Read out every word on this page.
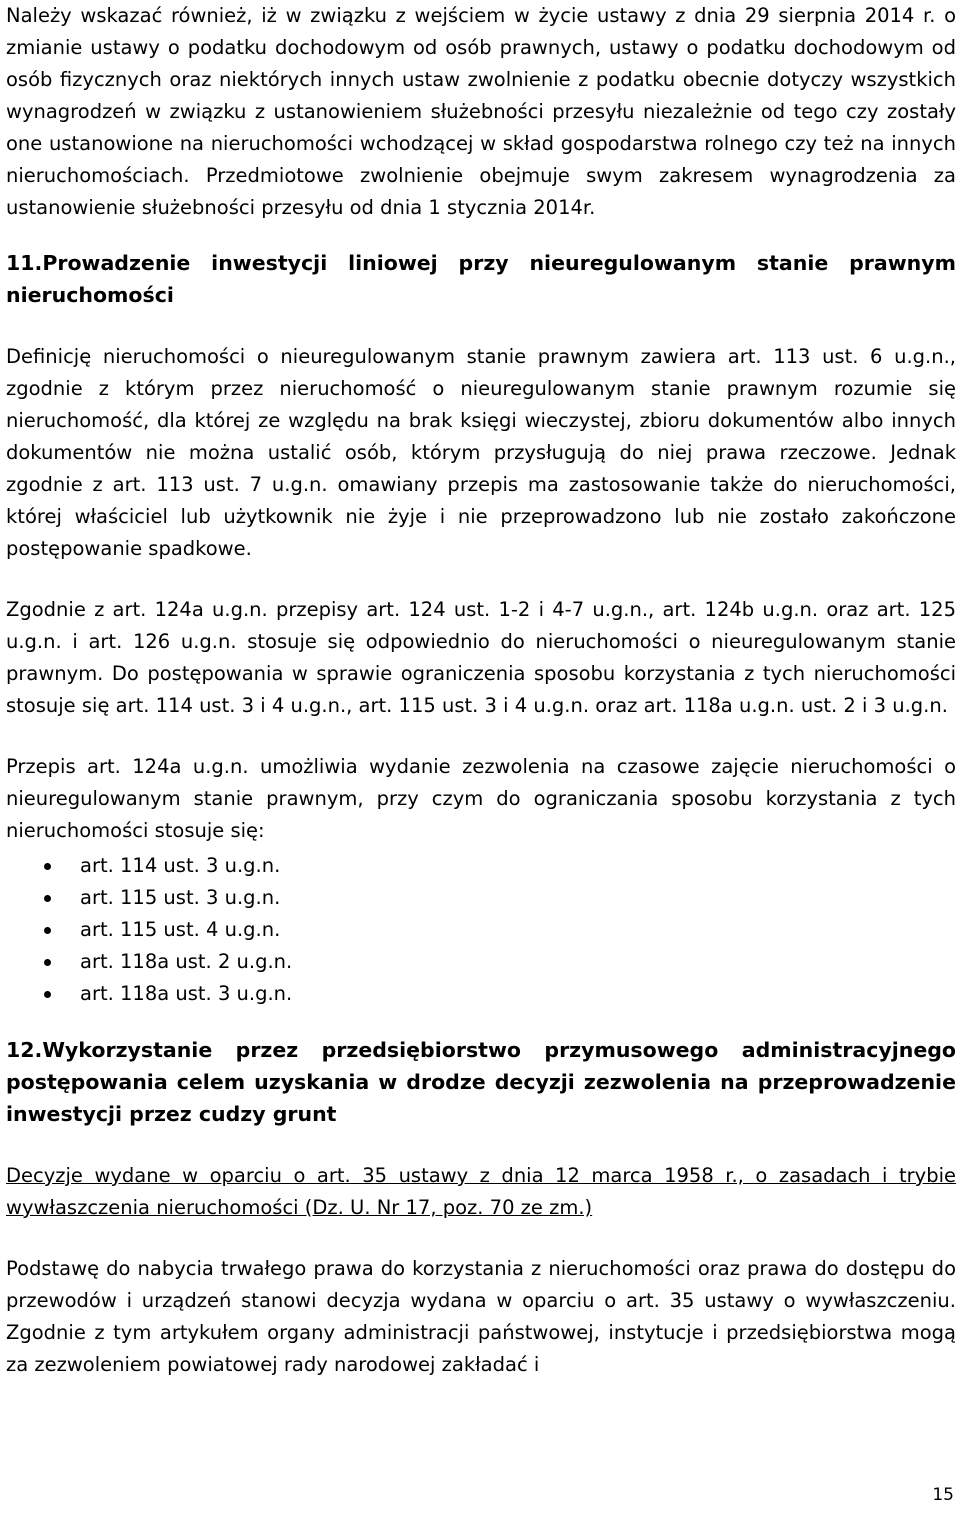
Należy wskazać również, iż w związku z wejściem w życie ustawy z dnia 29 sierpnia 2014 r. o zmianie ustawy o podatku dochodowym od osób prawnych, ustawy o podatku dochodowym od osób fizycznych oraz niektórych innych ustaw zwolnienie z podatku obecnie dotyczy wszystkich wynagrodzeń w związku z ustanowieniem służebności przesyłu niezależnie od tego czy zostały one ustanowione na nieruchomości wchodzącej w skład gospodarstwa rolnego czy też na innych nieruchomościach. Przedmiotowe zwolnienie obejmuje swym zakresem wynagrodzenia za ustanowienie służebności przesyłu od dnia 1 stycznia 2014r.

11.Prowadzenie inwestycji liniowej przy nieuregulowanym stanie prawnym nieruchomości

Definicję nieruchomości o nieuregulowanym stanie prawnym zawiera art. 113 ust. 6 u.g.n., zgodnie z którym przez nieruchomość o nieuregulowanym stanie prawnym rozumie się nieruchomość, dla której ze względu na brak księgi wieczystej, zbioru dokumentów albo innych dokumentów nie można ustalić osób, którym przysługują do niej prawa rzeczowe. Jednak zgodnie z art. 113 ust. 7 u.g.n. omawiany przepis ma zastosowanie także do nieruchomości, której właściciel lub użytkownik nie żyje i nie przeprowadzono lub nie zostało zakończone postępowanie spadkowe.

Zgodnie z art. 124a u.g.n. przepisy art. 124 ust. 1-2 i 4-7 u.g.n., art. 124b u.g.n. oraz art. 125 u.g.n. i art. 126 u.g.n. stosuje się odpowiednio do nieruchomości o nieuregulowanym stanie prawnym. Do postępowania w sprawie ograniczenia sposobu korzystania z tych nieruchomości stosuje się art. 114 ust. 3 i 4 u.g.n., art. 115 ust. 3 i 4 u.g.n. oraz art. 118a u.g.n. ust. 2 i 3 u.g.n.

Przepis art. 124a u.g.n. umożliwia wydanie zezwolenia na czasowe zajęcie nieruchomości o nieuregulowanym stanie prawnym, przy czym do ograniczania sposobu korzystania z tych nieruchomości stosuje się:

art. 114 ust. 3 u.g.n.
art. 115 ust. 3 u.g.n.
art. 115 ust. 4 u.g.n.
art. 118a ust. 2 u.g.n.
art. 118a ust. 3 u.g.n.
12.Wykorzystanie przez przedsiębiorstwo przymusowego administracyjnego postępowania celem uzyskania w drodze decyzji zezwolenia na przeprowadzenie inwestycji przez cudzy grunt

Decyzje wydane w oparciu o art. 35 ustawy z dnia 12 marca 1958 r., o zasadach i trybie wywłaszczenia nieruchomości (Dz. U. Nr 17, poz. 70 ze zm.)

Podstawę do nabycia trwałego prawa do korzystania z nieruchomości oraz prawa do dostępu do przewodów i urządzeń stanowi decyzja wydana w oparciu o art. 35 ustawy o wywłaszczeniu. Zgodnie z tym artykułem organy administracji państwowej, instytucje i przedsiębiorstwa mogą za zezwoleniem powiatowej rady narodowej zakładać i

15
